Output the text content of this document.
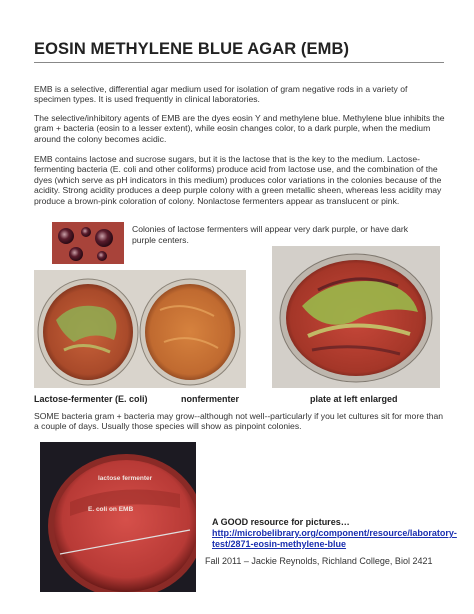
EOSIN METHYLENE BLUE AGAR (EMB)
EMB is a selective, differential agar medium used for isolation of gram negative rods in a variety of specimen types. It is used frequently in clinical laboratories.
The selective/inhibitory agents of EMB are the dyes eosin Y and methylene blue. Methylene blue inhibits the gram + bacteria (eosin to a lesser extent), while eosin changes color, to a dark purple, when the medium around the colony becomes acidic.
EMB contains lactose and sucrose sugars, but it is the lactose that is the key to the medium. Lactose-fermenting bacteria (E. coli and other coliforms) produce acid from lactose use, and the combination of the dyes (which serve as pH indicators in this medium) produces color variations in the colonies because of the acidity. Strong acidity produces a deep purple colony with a green metallic sheen, whereas less acidity may produce a brown-pink coloration of colony. Nonlactose fermenters appear as translucent or pink.
Colonies of lactose fermenters will appear very dark purple, or have dark purple centers.
Lactose-fermenter (E. coli)	nonfermenter	plate at left enlarged
SOME bacteria gram + bacteria may grow--although not well--particularly if you let cultures sit for more than a couple of days. Usually those species will show as pinpoint colonies.
lactose fermenter
E. coli on EMB
A GOOD resource for pictures…
http://microbelibrary.org/component/resource/laboratory-test/2871-eosin-methylene-blue
Fall 2011 – Jackie Reynolds, Richland College, Biol 2421
